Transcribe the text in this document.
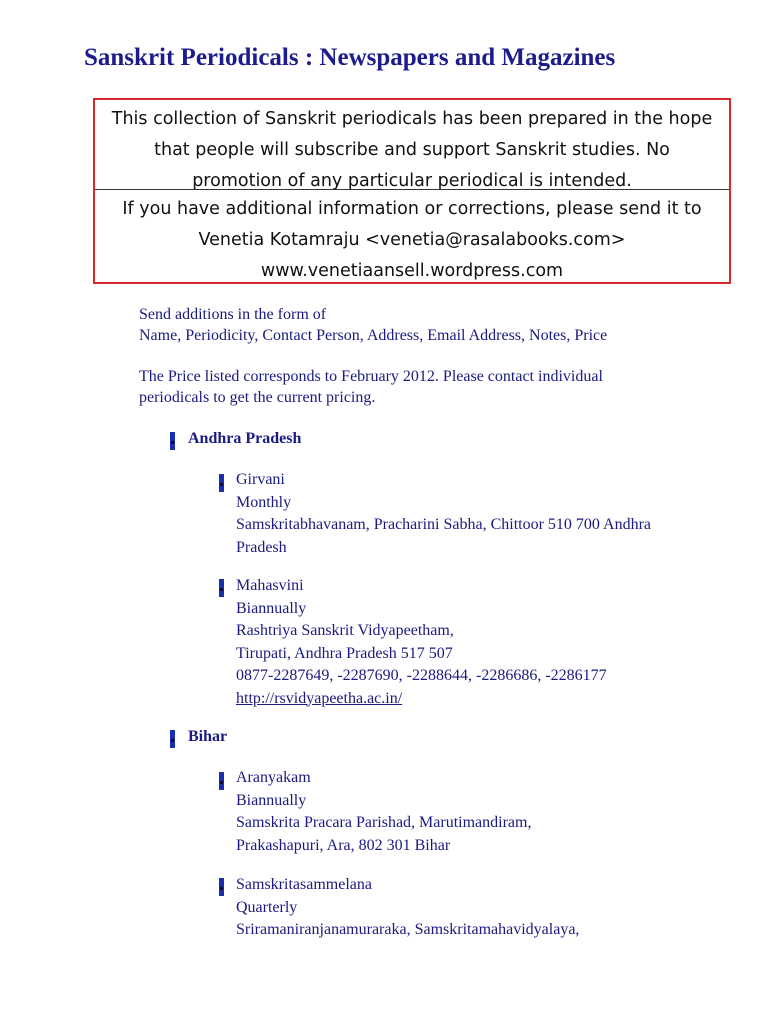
Sanskrit Periodicals : Newspapers and Magazines
This collection of Sanskrit periodicals has been prepared in the hope
that people will subscribe and support Sanskrit studies. No
promotion of any particular periodical is intended.
If you have additional information or corrections, please send it to
Venetia Kotamraju <venetia@rasalabooks.com>
www.venetiaansell.wordpress.com
Send additions in the form of
Name, Periodicity, Contact Person, Address, Email Address, Notes, Price
The Price listed corresponds to February 2012. Please contact individual
periodicals to get the current pricing.
Andhra Pradesh
Girvani
Monthly
Samskritabhavanam, Pracharini Sabha, Chittoor 510 700 Andhra
Pradesh
Mahasvini
Biannually
Rashtriya Sanskrit Vidyapeetham,
Tirupati, Andhra Pradesh 517 507
0877-2287649, -2287690, -2288644, -2286686, -2286177
http://rsvidyapeetha.ac.in/
Bihar
Aranyakam
Biannually
Samskrita Pracara Parishad, Marutimandiram,
Prakashapuri, Ara, 802 301 Bihar
Samskritasammelana
Quarterly
Sriramaniranjanamuraraka, Samskritamahavidyalaya,
